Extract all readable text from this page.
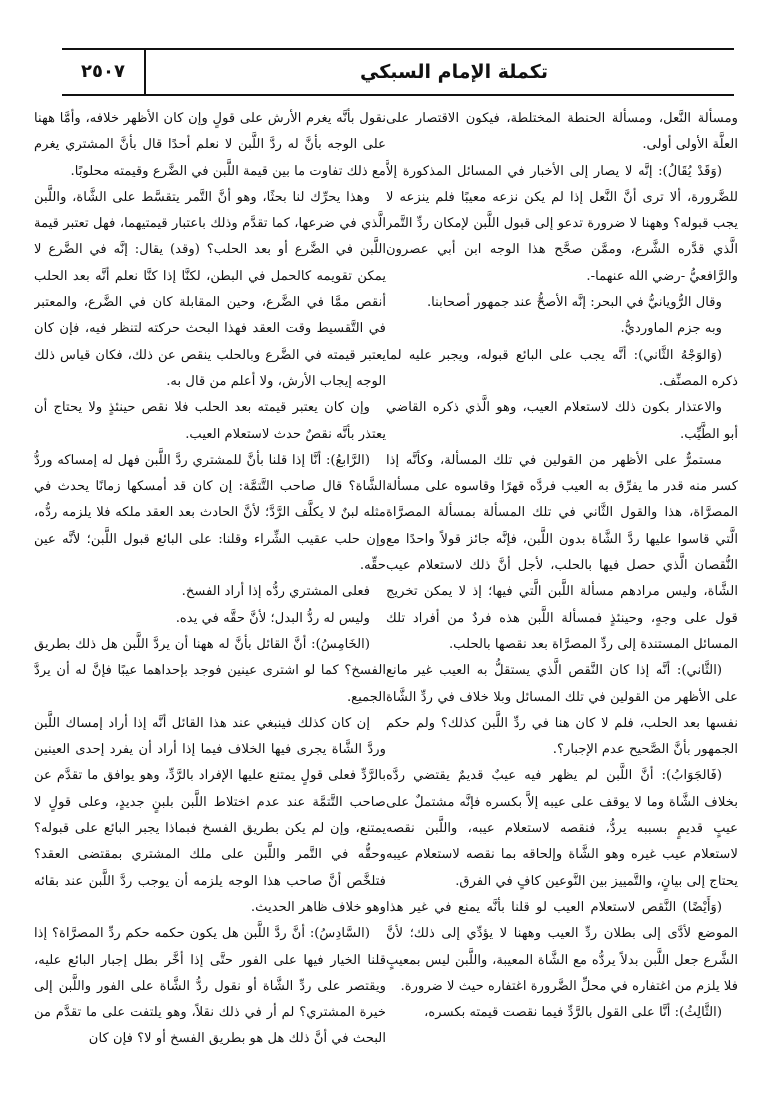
تكملة الإمام السبكي
٢٥٠٧

ومسألة النَّعل، ومسألة الحنطة المختلطة، فيكون الاقتصار على العلَّة الأولى أولى.

(وَقَدْ يُقَالُ): إنَّه لا يصار إلى الأخبار في المسائل المذكورة إلاَّ للضَّرورة، ألا ترى أنَّ النَّعل إذا لم يكن نزعه معيبًا فلم ينزعه لا يجب قبوله؟ وههنا لا ضرورة تدعو إلى قبول اللَّبن لإمكان ردِّ التَّمر الَّذي قدَّره الشَّرع، وممَّن صحَّح هذا الوجه ابن أبي عصرون والرَّافعيُّ -رضي الله عنهما-.

وقال الرُّويانيُّ في البحر: إنَّه الأصحُّ عند جمهور أصحابنا.

وبه جزم الماورديُّ.

(وَالوَجْهُ الثَّاني): أنَّه يجب على البائع قبوله، ويجبر عليه لما ذكره المصنِّف.

والاعتذار بكون ذلك لاستعلام العيب، وهو الَّذي ذكره القاضي أبو الطَّيِّب.

مستمرٌّ على الأظهر من القولين في تلك المسألة، وكأنَّه إذا كسر منه قدر ما يفرِّق به العيب فردَّه قهرًا وقاسوه على مسألة المصرَّاة، هذا والقول الثَّاني في تلك المسألة بمسألة المصرَّاة الَّتي قاسوا عليها ردَّ الشَّاة بدون اللَّبن، فإنَّه جائز قولاً واحدًا مع النُّقصان الَّذي حصل فيها بالحلب، لأجل أنَّ ذلك لاستعلام عيب الشَّاة، وليس مرادهم مسألة اللَّبن الَّتي فيها؛ إذ لا يمكن تخريج قول على وجهٍ، وحينئذٍ فمسألة اللَّبن هذه فردٌ من أفراد تلك المسائل المستندة إلى ردِّ المصرَّاة بعد نقصها بالحلب.

(الثَّاني): أنَّه إذا كان النَّقص الَّذي يستقلُّ به العيب غير مانع على الأظهر من القولين في تلك المسائل وبلا خلاف في ردِّ الشَّاة نفسها بعد الحلب، فلم لا كان هنا في ردِّ اللَّبن كذلك؟ ولم حكم الجمهور بأنَّ الصَّحيح عدم الإجبار؟.

(فَالجَوَابُ): أنَّ اللَّبن لم يظهر فيه عيبٌ قديمٌ يقتضي ردَّه بخلاف الشَّاة وما لا يوقف على عيبه إلاَّ بكسره فإنَّه مشتملٌ على عيبٍ قديمٍ بسببه يردُّ، فنقصه لاستعلام عيبه، واللَّبن نقصه لاستعلام عيب غيره وهو الشَّاة وإلحاقه بما نقصه لاستعلام عيبه يحتاج إلى بيانٍ، والتَّمييز بين النَّوعين كافٍ في الفرق.

(وَأَيْضًا) النَّقص لاستعلام العيب لو قلنا بأنَّه يمنع في غير هذا الموضع لأدَّى إلى بطلان ردِّ العيب وههنا لا يؤدِّي إلى ذلك؛ لأنَّ الشَّرع جعل اللَّبن بدلاً يردُّه مع الشَّاة المعيبة، واللَّبن ليس بمعيبٍ فلا يلزم من اغتفاره في محلِّ الضَّرورة اغتفاره حيث لا ضرورة.

(الثَّالِثُ): أنَّا على القول بالرَّدِّ فيما نقصت قيمته بكسره،

نقول بأنَّه يغرم الأرش على قولٍ وإن كان الأظهر خلافه، وأمَّا ههنا على الوجه بأنَّ له ردَّ اللَّبن لا نعلم أحدًا قال بأنَّ المشتري يغرم مع ذلك تفاوت ما بين قيمة اللَّبن في الضَّرع وقيمته محلوبًا.

وهذا يحرِّك لنا بحثًا، وهو أنَّ التَّمر يتقسَّط على الشَّاة، واللَّبن الَّذي في ضرعها، كما تقدَّم وذلك باعتبار قيمتيهما، فهل تعتبر قيمة اللَّبن في الضَّرع أو بعد الحلب؟ (وقد) يقال: إنَّه في الضَّرع لا يمكن تقويمه كالحمل في البطن، لكنَّا إذا كنَّا نعلم أنَّه بعد الحلب أنقص ممَّا في الضَّرع، وحين المقابلة كان في الضَّرع، والمعتبر في التَّقسيط وقت العقد فهذا البحث حركته لتنظر فيه، فإن كان يعتبر قيمته في الضَّرع وبالحلب ينقص عن ذلك، فكان قياس ذلك الوجه إيجاب الأرش، ولا أعلم من قال به.

وإن كان يعتبر قيمته بعد الحلب فلا نقص حينئذٍ ولا يحتاج أن يعتذر بأنَّه نقصٌ حدث لاستعلام العيب.

(الرَّابعُ): أنَّا إذا قلنا بأنَّ للمشتري ردَّ اللَّبن فهل له إمساكه وردُّ الشَّاة؟ قال صاحب التَّتمَّة: إن كان قد أمسكها زمانًا يحدث في مثله لبنٌ لا يكلَّف الرَّدَّ؛ لأنَّ الحادث بعد العقد ملكه فلا يلزمه ردُّه، وإن حلب عقيب الشِّراء وقلنا: على البائع قبول اللَّبن؛ لأنَّه عين حقِّه.

فعلى المشتري ردُّه إذا أراد الفسخ.

وليس له ردُّ البدل؛ لأنَّ حقَّه في يده.

(الخَامِسُ): أنَّ القائل بأنَّ له ههنا أن يردَّ اللَّبن هل ذلك بطريق الفسخ؟ كما لو اشترى عينين فوجد بإحداهما عيبًا فإنَّ له أن يردَّ الجميع.

إن كان كذلك فينبغي عند هذا القائل أنَّه إذا أراد إمساك اللَّبن وردَّ الشَّاة يجرى فيها الخلاف فيما إذا أراد أن يفرد إحدى العينين بالرَّدِّ فعلى قولٍ يمتنع عليها الإفراد بالرَّدِّ، وهو يوافق ما تقدَّم عن صاحب التَّتمَّة عند عدم اختلاط اللَّبن بلبنٍ جديدٍ، وعلى قولٍ لا يمتنع، وإن لم يكن بطريق الفسخ فبماذا يجبر البائع على قبوله؟ وحقُّه في التَّمر واللَّبن على ملك المشتري بمقتضى العقد؟ فتلخَّص أنَّ صاحب هذا الوجه يلزمه أن يوجب ردَّ اللَّبن عند بقائه وهو خلاف ظاهر الحديث.

(السَّادِسُ): أنَّ ردَّ اللَّبن هل يكون حكمه حكم ردِّ المصرَّاة؟ إذا قلنا الخيار فيها على الفور حتَّى إذا أخَّر بطل إجبار البائع عليه، ويقتصر على ردِّ الشَّاة أو نقول ردُّ الشَّاة على الفور واللَّبن إلى خيرة المشتري؟ لم أر في ذلك نقلاً، وهو يلتفت على ما تقدَّم من البحث في أنَّ ذلك هل هو بطريق الفسخ أو لا؟ فإن كان
